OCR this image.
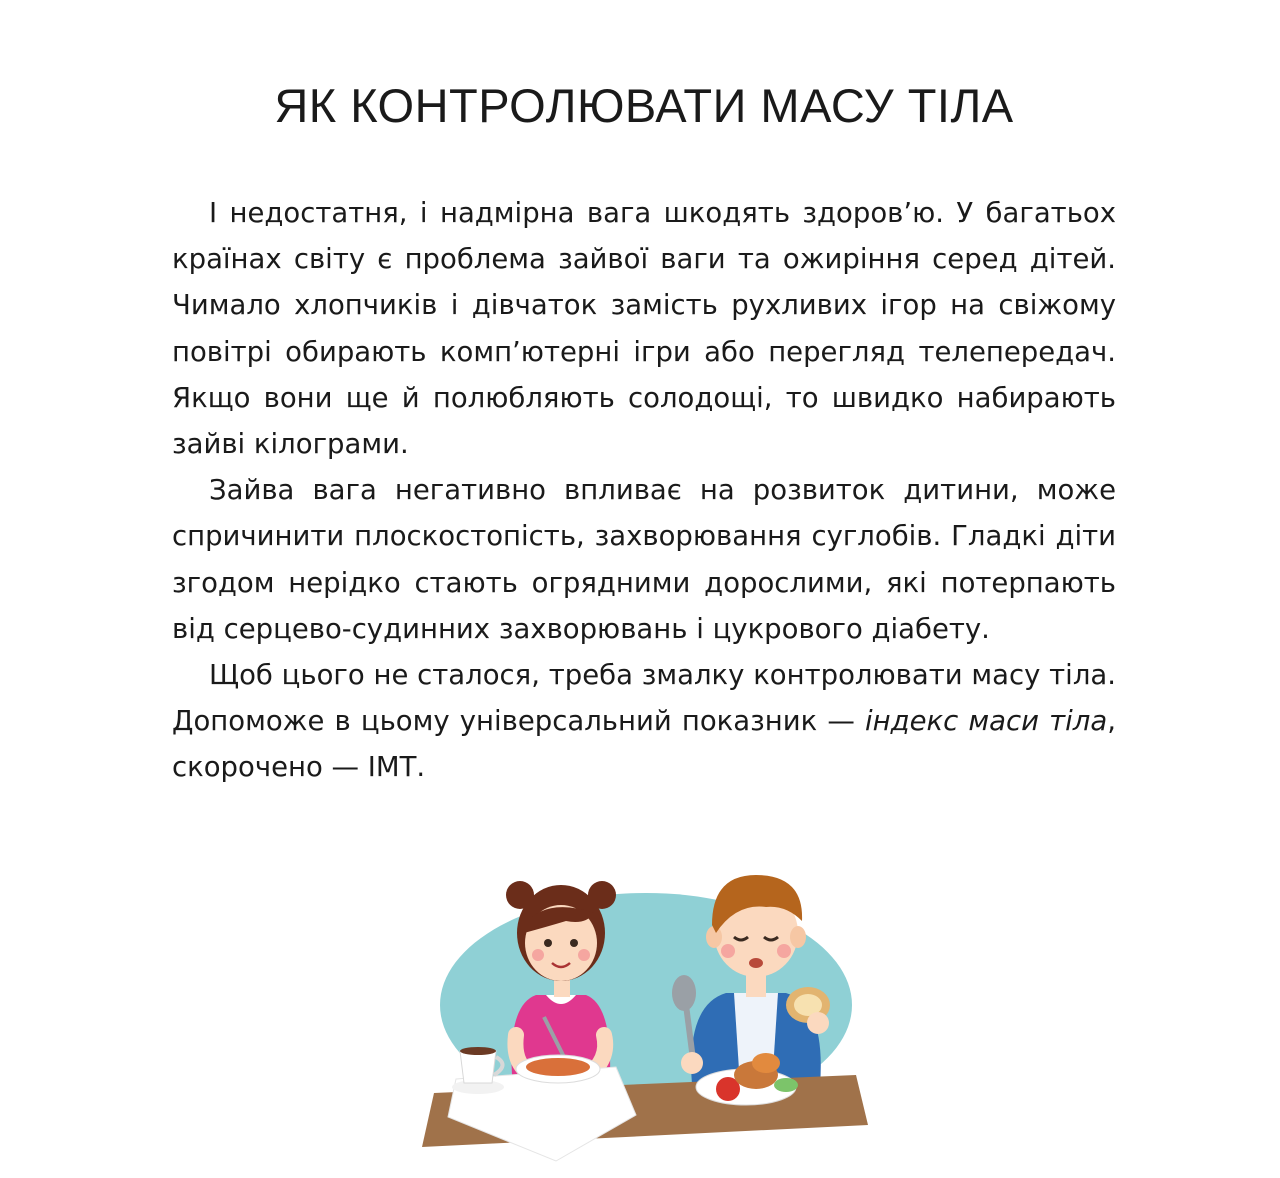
ЯК КОНТРОЛЮВАТИ МАСУ ТІЛА

І недостатня, і надмірна вага шкодять здоров’ю. У багатьох країнах світу є проблема зайвої ваги та ожиріння серед дітей. Чимало хлопчиків і дівчаток замість рухливих ігор на свіжому повітрі обирають комп’ютерні ігри або перегляд телепередач. Якщо вони ще й полюбляють солодощі, то швидко набирають зайві кілограми.

Зайва вага негативно впливає на розвиток дитини, може спричинити плоскостопість, захворювання суглобів. Гладкі діти згодом нерідко стають огрядними дорослими, які потерпають від серцево-судинних захворювань і цукрового діабету.

Щоб цього не сталося, треба змалку контролювати масу тіла. Допоможе в цьому універсальний показник — індекс маси тіла, скорочено — ІМТ.
